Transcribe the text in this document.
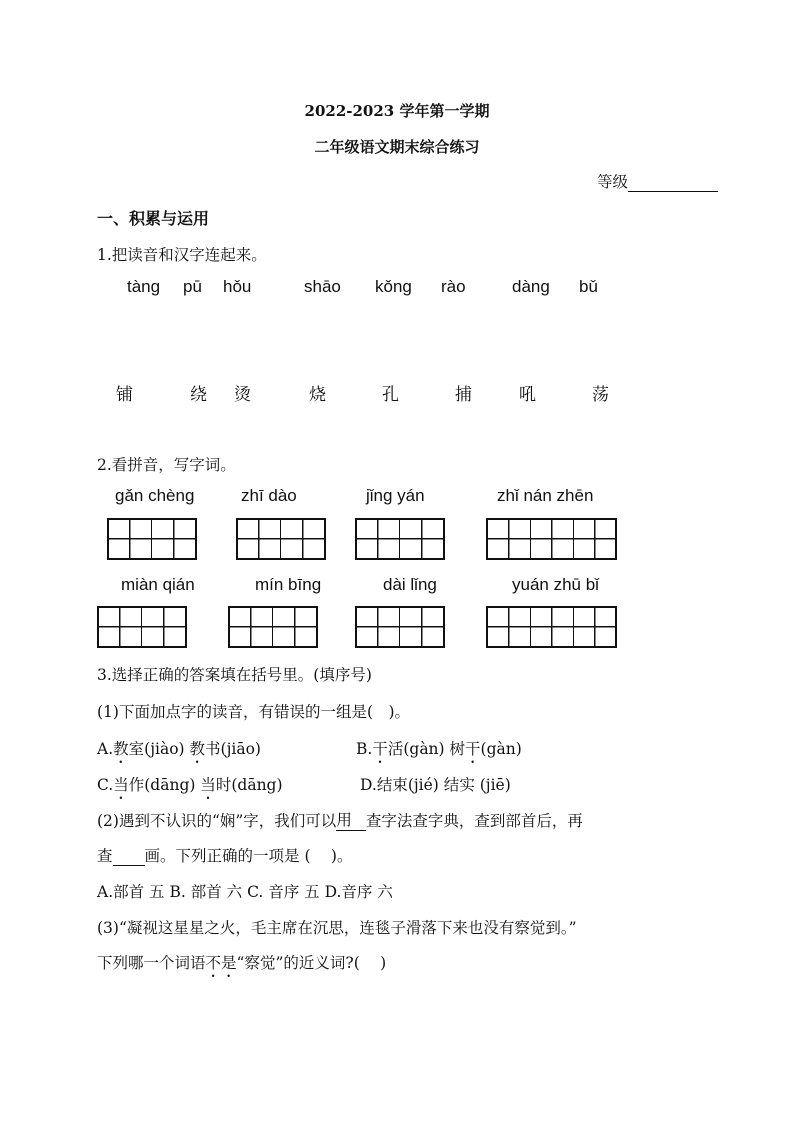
2022-2023 学年第一学期
二年级语文期末综合练习
等级
一、积累与运用
1.把读音和汉字连起来。
tàng pū hǒu	shāo kǒng rào	dàng bǔ
铺	绕 烫	烧	孔	捕	吼	荡
2.看拼音，写字词。
gǎn chèng	zhī dào	jǐng yán	zhǐ nán zhēn
miàn qián	mín bīng	dài lǐng	yuán zhū bǐ
3.选择正确的答案填在括号里。(填序号)
(1)下面加点字的读音，有错误的一组是(　)。
A.教室(jiào) 教书(jiāo)	B.干活(gàn) 树干(gàn)
C.当作(dāng) 当时(dāng)	D.结束(jié) 结实 (jiē)
(2)遇到不认识的“娴”字，我们可以用 查字法查字典，查到部首后，再
查 画。下列正确的一项是 (　 )。
A.部首 五 B. 部首 六 C. 音序 五 D.音序 六
(3)“凝视这星星之火，毛主席在沉思，连毯子滑落下来也没有察觉到。”
下列哪一个词语不是“察觉”的近义词?(　 )
